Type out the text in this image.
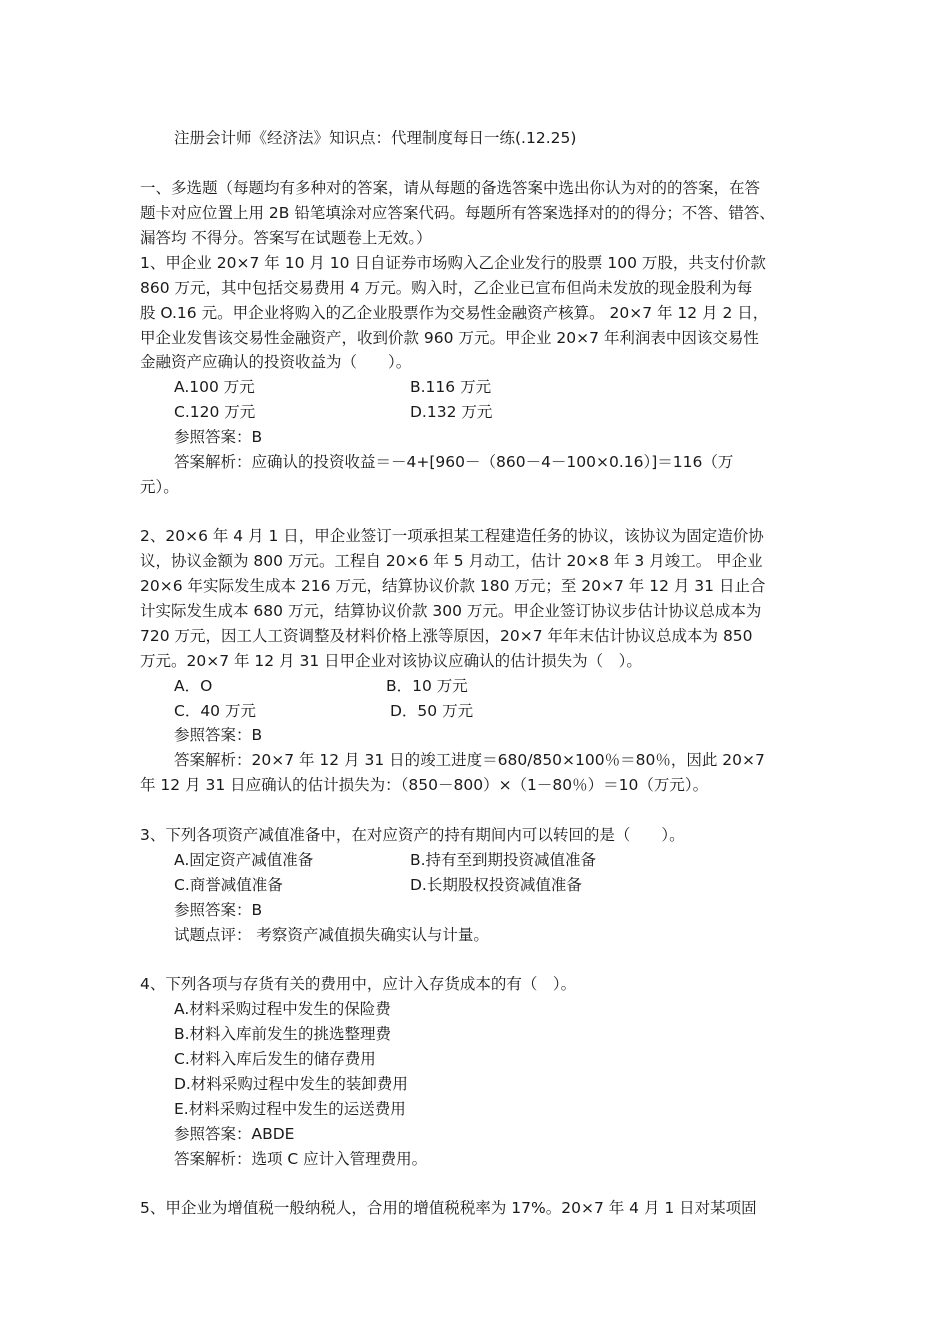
注册会计师《经济法》知识点：代理制度每日一练(.12.25)
一、多选题（每题均有多种对的答案，请从每题的备选答案中选出你认为对的的答案，在答
题卡对应位置上用 2B 铅笔填涂对应答案代码。每题所有答案选择对的的得分；不答、错答、
漏答均 不得分。答案写在试题卷上无效。）
1、甲企业 20×7 年 10 月 10 日自证券市场购入乙企业发行的股票 100 万股，共支付价款
860 万元，其中包括交易费用 4 万元。购入时，乙企业已宣布但尚未发放的现金股利为每
股 O.16 元。甲企业将购入的乙企业股票作为交易性金融资产核算。 20×7 年 12 月 2 日，
甲企业发售该交易性金融资产，收到价款 960 万元。甲企业 20×7 年利润表中因该交易性
金融资产应确认的投资收益为（　　）。
A.100 万元	B.116 万元
C.120 万元	D.132 万元
参照答案：B
答案解析：应确认的投资收益＝－4+[960－（860－4－100×0.16）]＝116（万
元）。
2、20×6 年 4 月 1 日，甲企业签订一项承担某工程建造任务的协议，该协议为固定造价协
议，协议金额为 800 万元。工程自 20×6 年 5 月动工，估计 20×8 年 3 月竣工。 甲企业
20×6 年实际发生成本 216 万元，结算协议价款 180 万元；至 20×7 年 12 月 31 日止合
计实际发生成本 680 万元，结算协议价款 300 万元。甲企业签订协议步估计协议总成本为
720 万元，因工人工资调整及材料价格上涨等原因，20×7 年年末估计协议总成本为 850
万元。20×7 年 12 月 31 日甲企业对该协议应确认的估计损失为（　）。
A．O	B．10 万元
C．40 万元	D．50 万元
参照答案：B
答案解析：20×7 年 12 月 31 日的竣工进度＝680/850×100％＝80％，因此 20×7
年 12 月 31 日应确认的估计损失为：（850－800）×（1－80％）＝10（万元）。
3、下列各项资产减值准备中，在对应资产的持有期间内可以转回的是（　　）。
A.固定资产减值准备	B.持有至到期投资减值准备
C.商誉减值准备	D.长期股权投资减值准备
参照答案：B
试题点评： 考察资产减值损失确实认与计量。
4、下列各项与存货有关的费用中，应计入存货成本的有（　）。
A.材料采购过程中发生的保险费
B.材料入库前发生的挑选整理费
C.材料入库后发生的储存费用
D.材料采购过程中发生的装卸费用
E.材料采购过程中发生的运送费用
参照答案：ABDE
答案解析：选项 C 应计入管理费用。
5、甲企业为增值税一般纳税人，合用的增值税税率为 17%。20×7 年 4 月 1 日对某项固
